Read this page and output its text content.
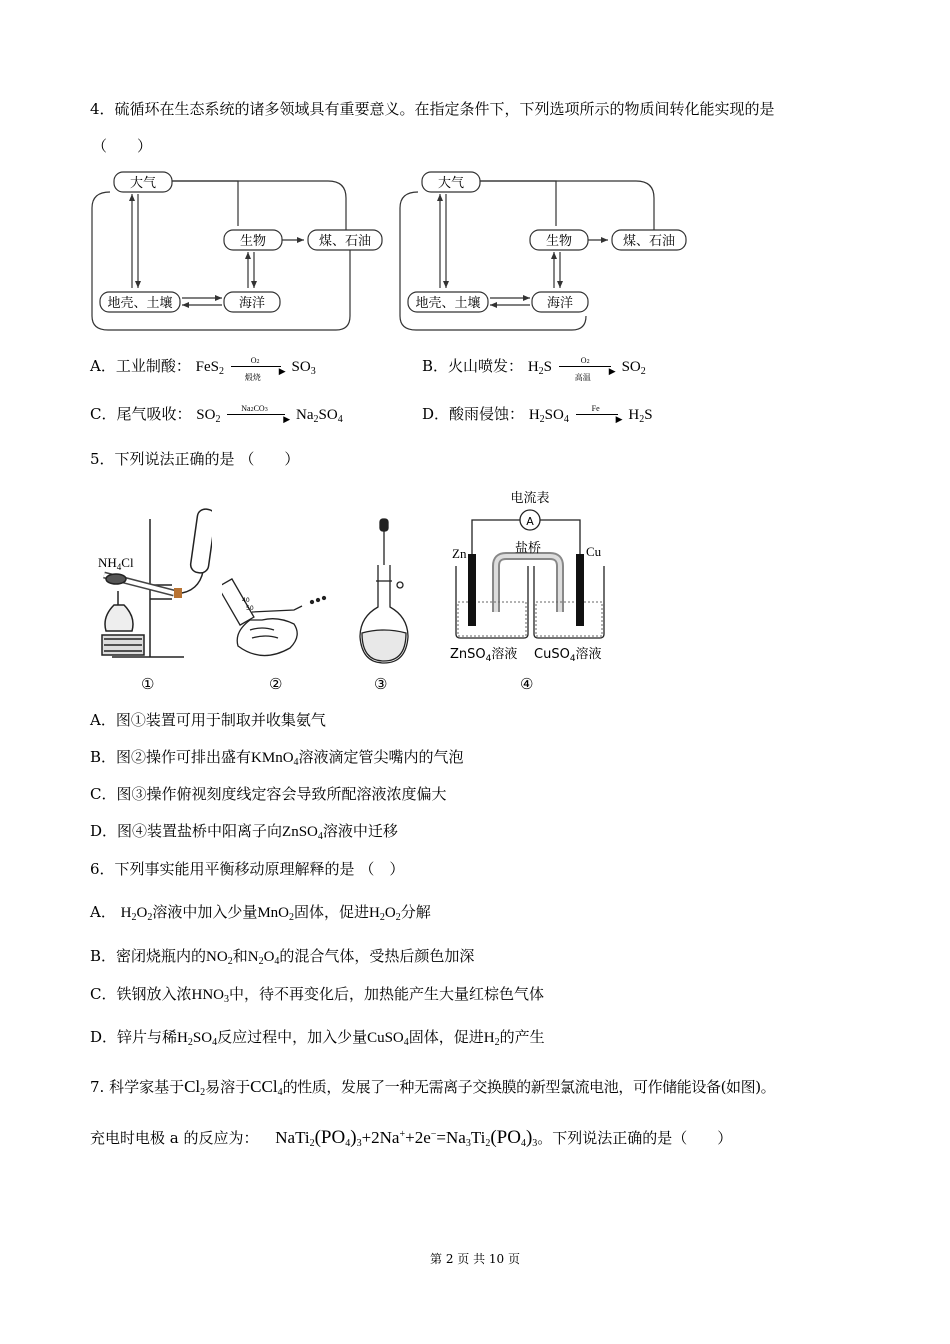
4．硫循环在生态系统的诸多领域具有重要意义。在指定条件下，下列选项所示的物质间转化能实现的是
（　　）
大气
生物	煤、石油
地壳、土壤	海洋
大气
生物	煤、石油
地壳、土壤	海洋
A．工业制酸： FeS$_2$
O2
▶
煅烧
$SO_3$	B．火山喷发： $H_2S$	O2
▶
高温
$SO_2$
C．尾气吸收： $SO_2$
Na2CO3
▶ $Na_2SO_4$	D．酸雨侵蚀： $H_2SO_4$
Fe
▶ $H_2S$
5．下列说法正确的是 （　　）
$NH_4Cl$
①
40
50
②	③
电流表
A
Zn	Cu
盐桥
ZnSO$_4$溶液 CuSO$_4$溶液
④
A．图①装置可用于制取并收集氨气
B．图②操作可排出盛有KMnO$_4$溶液滴定管尖嘴内的气泡
C．图③操作俯视刻度线定容会导致所配溶液浓度偏大
D．图④装置盐桥中阳离子向ZnSO$_4$溶液中迁移
6．下列事实能用平衡移动原理解释的是 （　）
A． $H_2O_2$溶液中加入少量MnO$_2$固体，促进$H_2O_2$分解
B．密闭烧瓶内的$NO_2$和$N_2O_4$的混合气体，受热后颜色加深
C．铁钢放入浓$HNO_3$中，待不再变化后，加热能产生大量红棕色气体
D．锌片与稀$H_2SO_4$反应过程中，加入少量CuSO$_4$固体，促进$H_2$的产生
7. 科学家基于$Cl_2$易溶于CCl$_4$的性质，发展了一种无需离子交换膜的新型氯流电池，可作储能设备(如图)。
充电时电极 a 的反应为： $NaTi_2(PO_4)_3+2Na^++2e^-=Na_3Ti_2(PO_4)_3$。下列说法正确的是（　　）
第 2 页 共 10 页
